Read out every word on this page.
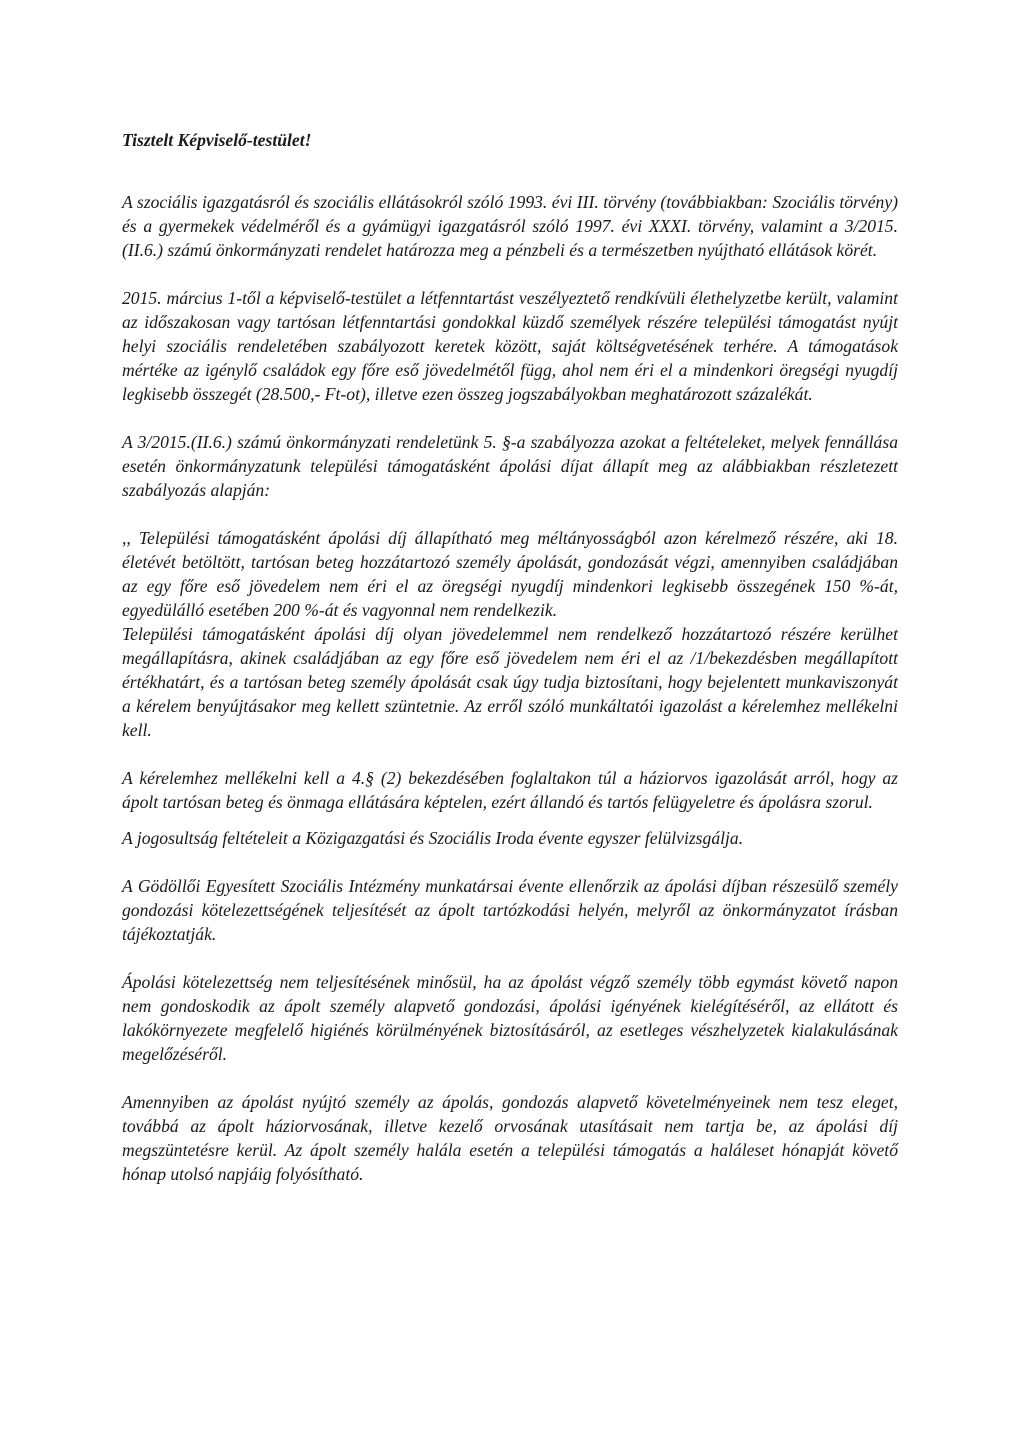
Tisztelt Képviselő-testület!

A szociális igazgatásról és szociális ellátásokról szóló 1993. évi III. törvény (továbbiakban: Szociális törvény) és a gyermekek védelméről és a gyámügyi igazgatásról szóló 1997. évi XXXI. törvény, valamint a 3/2015.(II.6.) számú önkormányzati rendelet határozza meg a pénzbeli és a természetben nyújtható ellátások körét.

2015. március 1-től a képviselő-testület a létfenntartást veszélyeztető rendkívüli élethelyzetbe került, valamint az időszakosan vagy tartósan létfenntartási gondokkal küzdő személyek részére települési támogatást nyújt helyi szociális rendeletében szabályozott keretek között, saját költségvetésének terhére. A támogatások mértéke az igénylő családok egy főre eső jövedelmétől függ, ahol nem éri el a mindenkori öregségi nyugdíj legkisebb összegét (28.500,- Ft-ot), illetve ezen összeg jogszabályokban meghatározott százalékát.

A 3/2015.(II.6.) számú önkormányzati rendeletünk 5. §-a szabályozza azokat a feltételeket, melyek fennállása esetén önkormányzatunk települési támogatásként ápolási díjat állapít meg az alábbiakban részletezett szabályozás alapján:

,, Települési támogatásként ápolási díj állapítható meg méltányosságból azon kérelmező részére, aki 18. életévét betöltött, tartósan beteg hozzátartozó személy ápolását, gondozását végzi, amennyiben családjában az egy főre eső jövedelem nem éri el az öregségi nyugdíj mindenkori legkisebb összegének 150 %-át, egyedülálló esetében 200 %-át és vagyonnal nem rendelkezik.

Települési támogatásként ápolási díj olyan jövedelemmel nem rendelkező hozzátartozó részére kerülhet megállapításra, akinek családjában az egy főre eső jövedelem nem éri el az /1/bekezdésben megállapított értékhatárt, és a tartósan beteg személy ápolását csak úgy tudja biztosítani, hogy bejelentett munkaviszonyát a kérelem benyújtásakor meg kellett szüntetnie. Az erről szóló munkáltatói igazolást a kérelemhez mellékelni kell.

A kérelemhez mellékelni kell a 4.§ (2) bekezdésében foglaltakon túl a háziorvos igazolását arról, hogy az ápolt tartósan beteg és önmaga ellátására képtelen, ezért állandó és tartós felügyeletre és ápolásra szorul.

A jogosultság feltételeit a Közigazgatási és Szociális Iroda évente egyszer felülvizsgálja.

A Gödöllői Egyesített Szociális Intézmény munkatársai évente ellenőrzik az ápolási díjban részesülő személy gondozási kötelezettségének teljesítését az ápolt tartózkodási helyén, melyről az önkormányzatot írásban tájékoztatják.

Ápolási kötelezettség nem teljesítésének minősül, ha az ápolást végző személy több egymást követő napon nem gondoskodik az ápolt személy alapvető gondozási, ápolási igényének kielégítéséről, az ellátott és lakókörnyezete megfelelő higiénés körülményének biztosításáról, az esetleges vészhelyzetek kialakulásának megelőzéséről.

Amennyiben az ápolást nyújtó személy az ápolás, gondozás alapvető követelményeinek nem tesz eleget, továbbá az ápolt háziorvosának, illetve kezelő orvosának utasításait nem tartja be, az ápolási díj megszüntetésre kerül. Az ápolt személy halála esetén a települési támogatás a haláleset hónapját követő hónap utolsó napjáig folyósítható.
